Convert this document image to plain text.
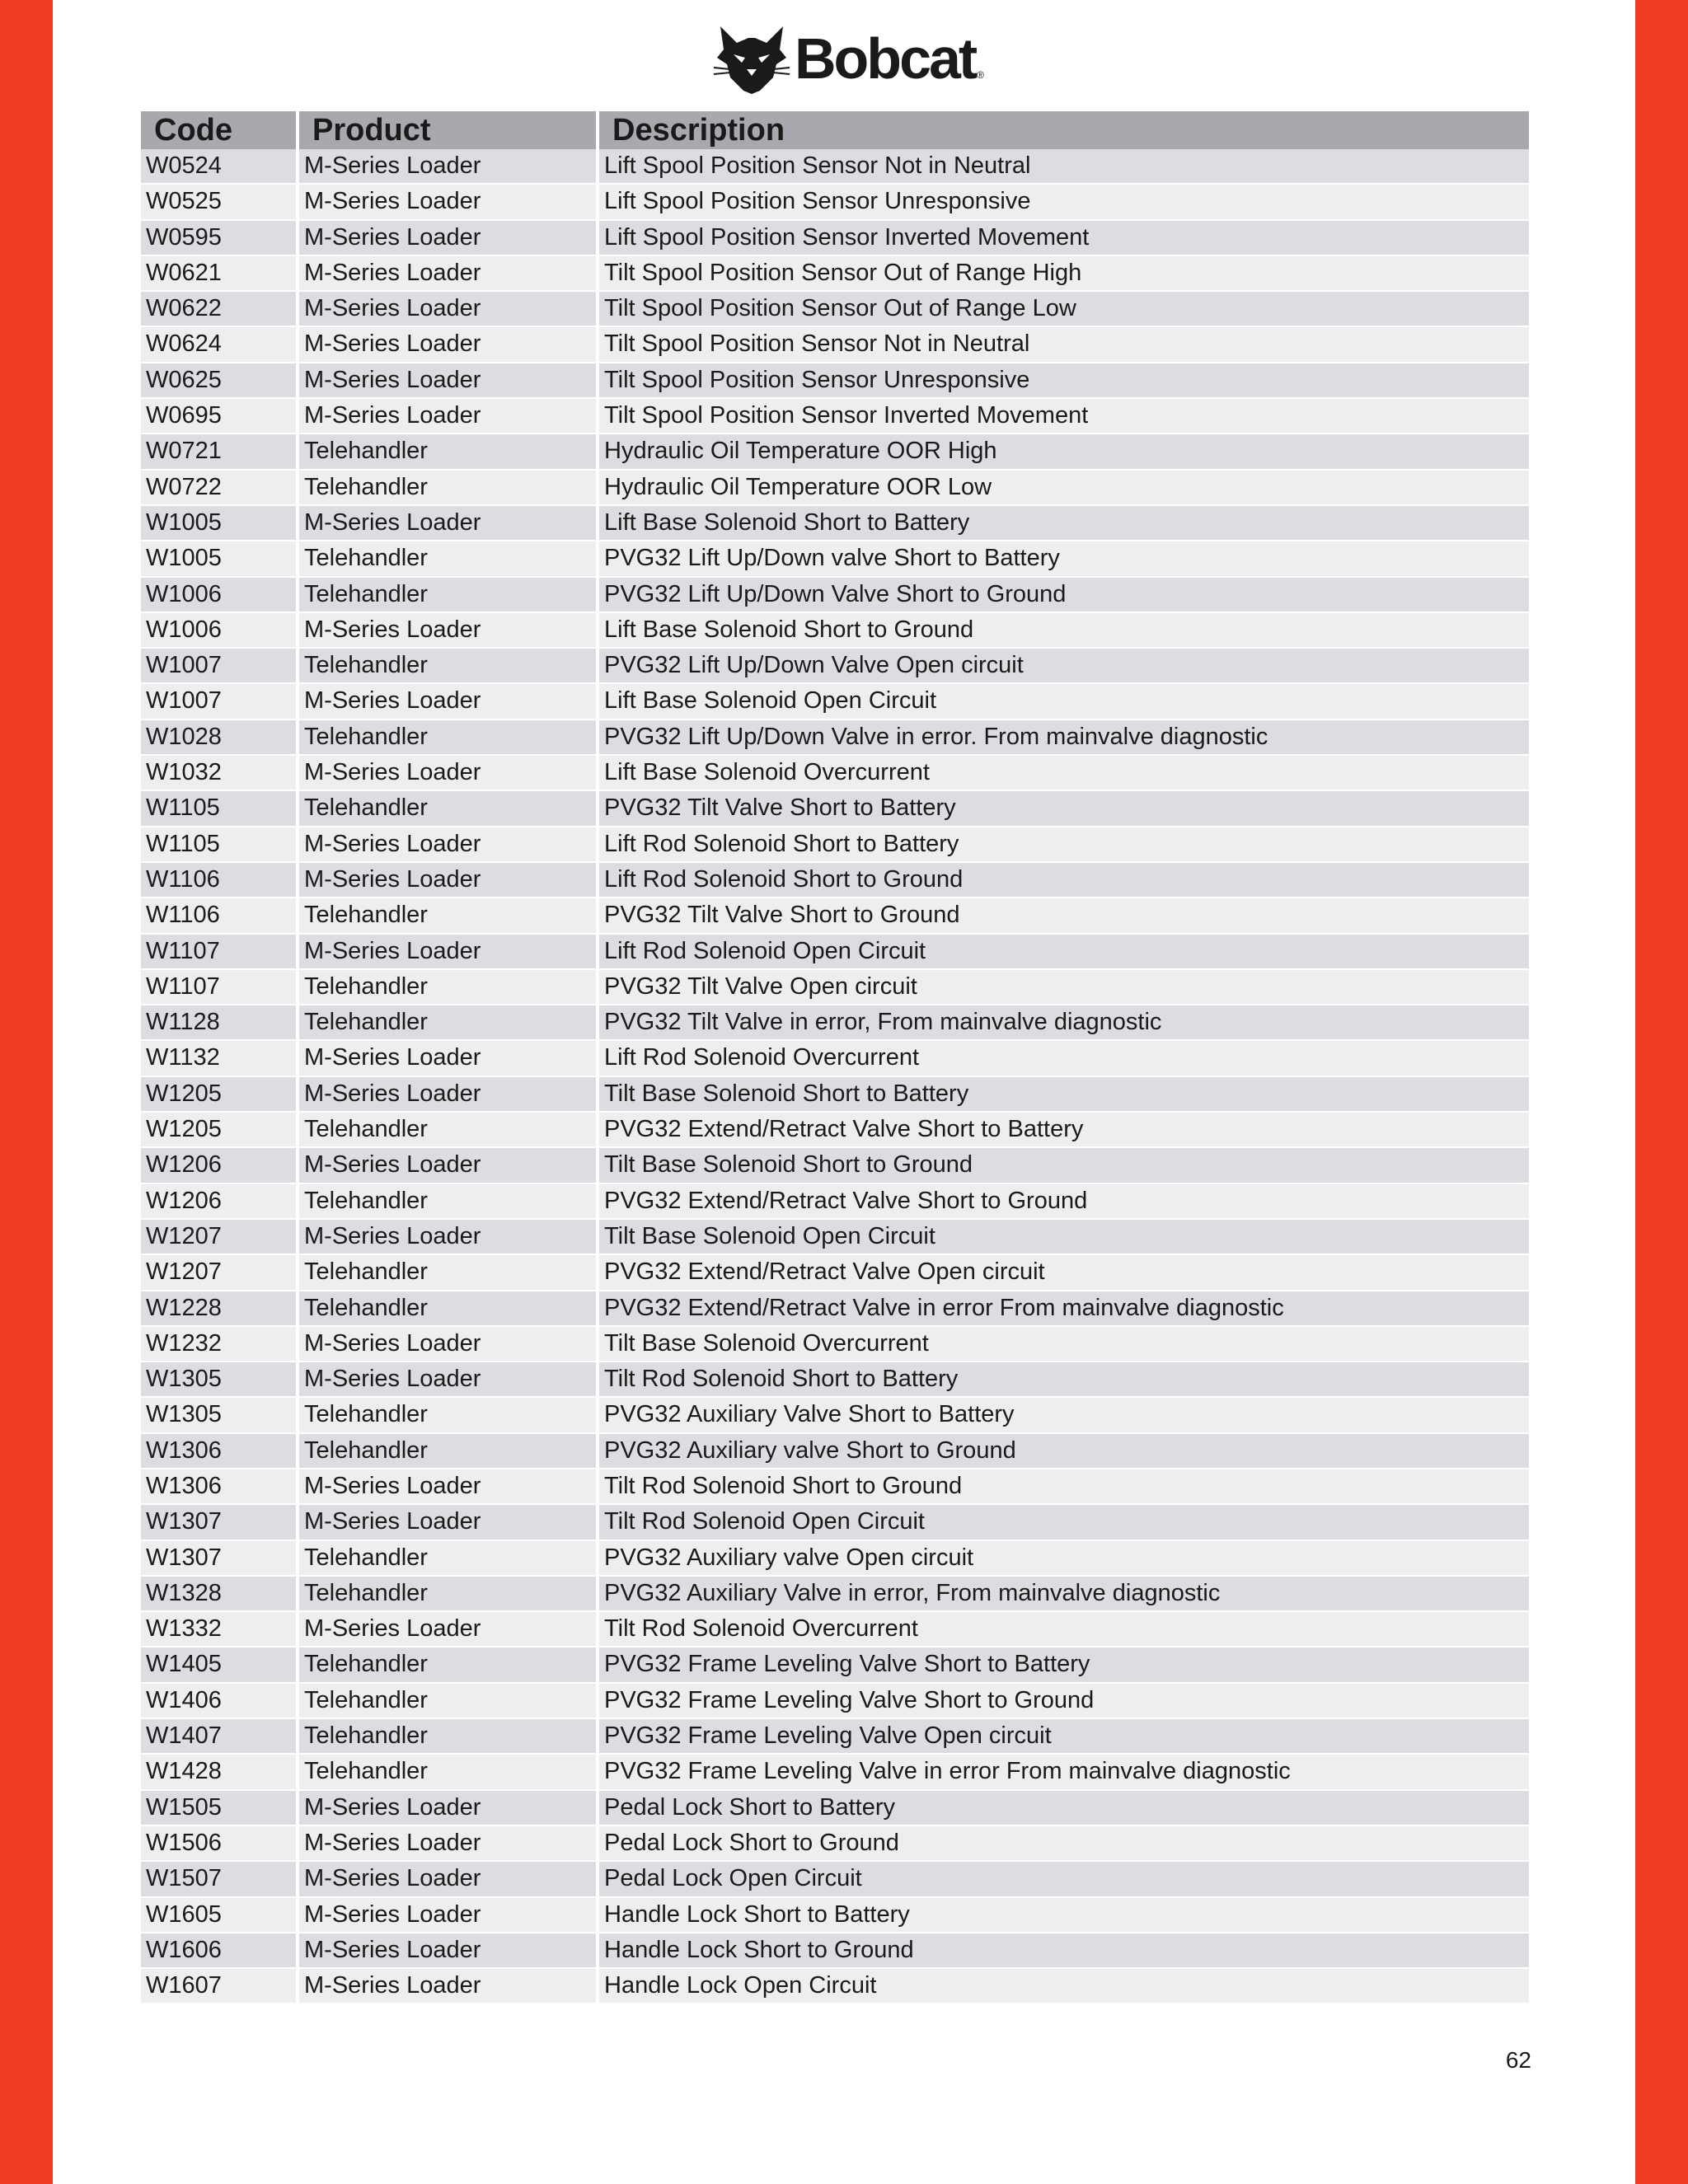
Bobcat ®
Code	Product	Description
W0524	M-Series Loader	Lift Spool Position Sensor Not in Neutral
W0525	M-Series Loader	Lift Spool Position Sensor Unresponsive
W0595	M-Series Loader	Lift Spool Position Sensor Inverted Movement
W0621	M-Series Loader	Tilt Spool Position Sensor Out of Range High
W0622	M-Series Loader	Tilt Spool Position Sensor Out of Range Low
W0624	M-Series Loader	Tilt Spool Position Sensor Not in Neutral
W0625	M-Series Loader	Tilt Spool Position Sensor Unresponsive
W0695	M-Series Loader	Tilt Spool Position Sensor Inverted Movement
W0721	Telehandler	Hydraulic Oil Temperature OOR High
W0722	Telehandler	Hydraulic Oil Temperature OOR Low
W1005	M-Series Loader	Lift Base Solenoid Short to Battery
W1005	Telehandler	PVG32 Lift Up/Down valve Short to Battery
W1006	Telehandler	PVG32 Lift Up/Down Valve Short to Ground
W1006	M-Series Loader	Lift Base Solenoid Short to Ground
W1007	Telehandler	PVG32 Lift Up/Down Valve Open circuit
W1007	M-Series Loader	Lift Base Solenoid Open Circuit
W1028	Telehandler	PVG32 Lift Up/Down Valve in error. From mainvalve diagnostic
W1032	M-Series Loader	Lift Base Solenoid Overcurrent
W1105	Telehandler	PVG32 Tilt Valve Short to Battery
W1105	M-Series Loader	Lift Rod Solenoid Short to Battery
W1106	M-Series Loader	Lift Rod Solenoid Short to Ground
W1106	Telehandler	PVG32 Tilt Valve Short to Ground
W1107	M-Series Loader	Lift Rod Solenoid Open Circuit
W1107	Telehandler	PVG32 Tilt Valve Open circuit
W1128	Telehandler	PVG32 Tilt Valve in error, From mainvalve diagnostic
W1132	M-Series Loader	Lift Rod Solenoid Overcurrent
W1205	M-Series Loader	Tilt Base Solenoid Short to Battery
W1205	Telehandler	PVG32 Extend/Retract Valve Short to Battery
W1206	M-Series Loader	Tilt Base Solenoid Short to Ground
W1206	Telehandler	PVG32 Extend/Retract Valve Short to Ground
W1207	M-Series Loader	Tilt Base Solenoid Open Circuit
W1207	Telehandler	PVG32 Extend/Retract Valve Open circuit
W1228	Telehandler	PVG32 Extend/Retract Valve in error From mainvalve diagnostic
W1232	M-Series Loader	Tilt Base Solenoid Overcurrent
W1305	M-Series Loader	Tilt Rod Solenoid Short to Battery
W1305	Telehandler	PVG32 Auxiliary Valve Short to Battery
W1306	Telehandler	PVG32 Auxiliary valve Short to Ground
W1306	M-Series Loader	Tilt Rod Solenoid Short to Ground
W1307	M-Series Loader	Tilt Rod Solenoid Open Circuit
W1307	Telehandler	PVG32 Auxiliary valve Open circuit
W1328	Telehandler	PVG32 Auxiliary Valve in error, From mainvalve diagnostic
W1332	M-Series Loader	Tilt Rod Solenoid Overcurrent
W1405	Telehandler	PVG32 Frame Leveling Valve Short to Battery
W1406	Telehandler	PVG32 Frame Leveling Valve Short to Ground
W1407	Telehandler	PVG32 Frame Leveling Valve Open circuit
W1428	Telehandler	PVG32 Frame Leveling Valve in error From mainvalve diagnostic
W1505	M-Series Loader	Pedal Lock Short to Battery
W1506	M-Series Loader	Pedal Lock Short to Ground
W1507	M-Series Loader	Pedal Lock Open Circuit
W1605	M-Series Loader	Handle Lock Short to Battery
W1606	M-Series Loader	Handle Lock Short to Ground
W1607	M-Series Loader	Handle Lock Open Circuit
62
